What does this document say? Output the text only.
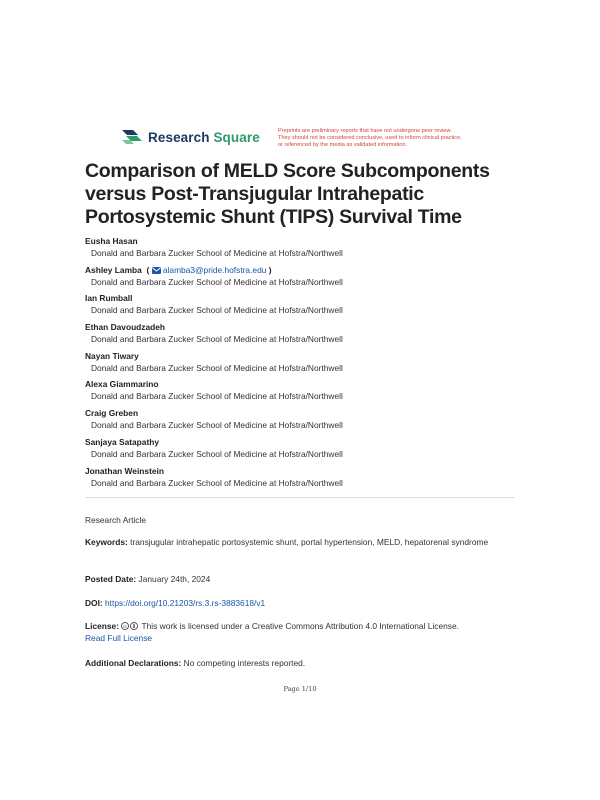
Research Square	Preprints are preliminary reports that have not undergone peer review.
They should not be considered conclusive, used to inform clinical practice,
or referenced by the media as validated information.
Comparison of MELD Score Subcomponents versus Post-Transjugular Intrahepatic Portosystemic Shunt (TIPS) Survival Time
Eusha Hasan
Donald and Barbara Zucker School of Medicine at Hofstra/Northwell
Ashley Lamba  (  alamba3@pride.hofstra.edu )
Donald and Barbara Zucker School of Medicine at Hofstra/Northwell
Ian Rumball
Donald and Barbara Zucker School of Medicine at Hofstra/Northwell
Ethan Davoudzadeh
Donald and Barbara Zucker School of Medicine at Hofstra/Northwell
Nayan Tiwary
Donald and Barbara Zucker School of Medicine at Hofstra/Northwell
Alexa Giammarino
Donald and Barbara Zucker School of Medicine at Hofstra/Northwell
Craig Greben
Donald and Barbara Zucker School of Medicine at Hofstra/Northwell
Sanjaya Satapathy
Donald and Barbara Zucker School of Medicine at Hofstra/Northwell
Jonathan Weinstein
Donald and Barbara Zucker School of Medicine at Hofstra/Northwell
Research Article
Keywords: transjugular intrahepatic portosystemic shunt, portal hypertension, MELD, hepatorenal syndrome
Posted Date: January 24th, 2024
DOI: https://doi.org/10.21203/rs.3.rs-3883618/v1
License: cc This work is licensed under a Creative Commons Attribution 4.0 International License.
Read Full License
Additional Declarations: No competing interests reported.
Page 1/10
